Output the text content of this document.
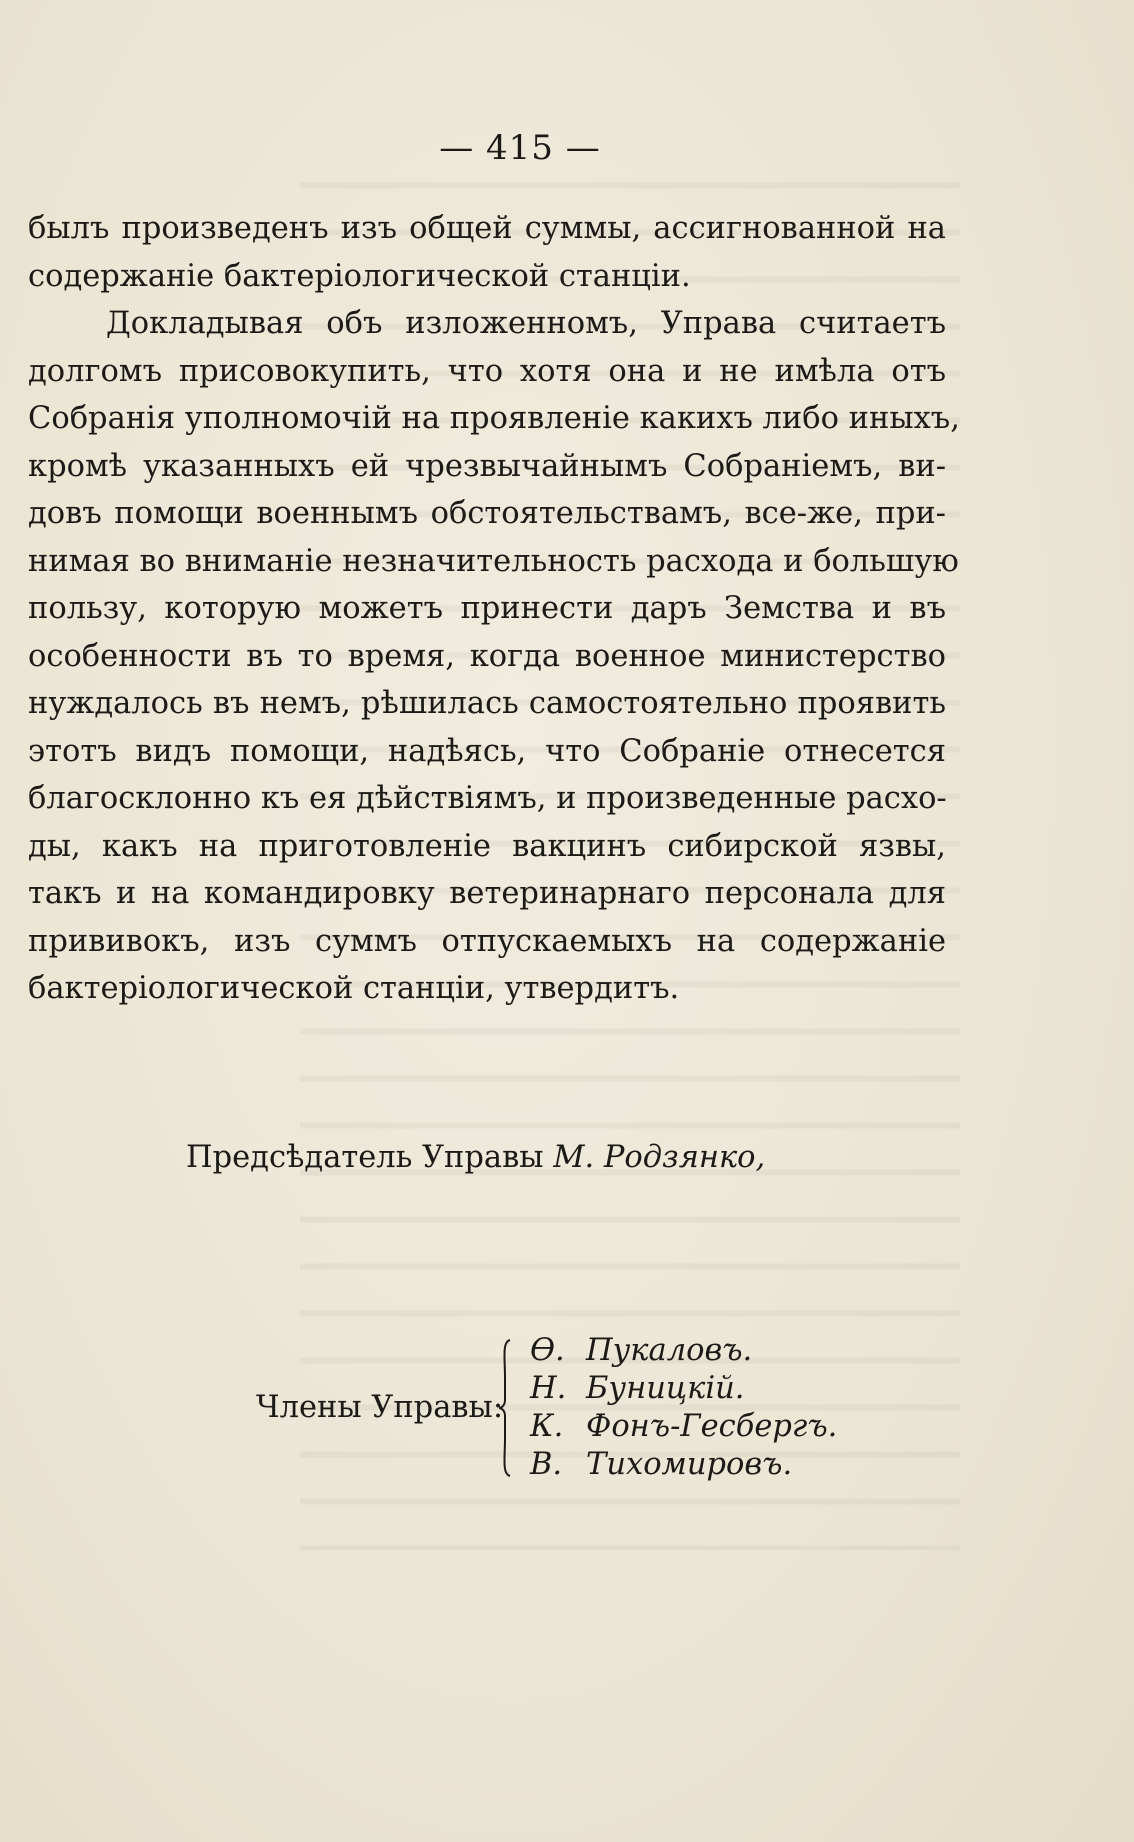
— 415 —
былъ произведенъ изъ общей суммы, ассигнованной на
содержаніе бактеріологической станціи.
Докладывая объ изложенномъ, Управа считаетъ
долгомъ присовокупить, что хотя она и не имѣла отъ
Собранія уполномочій на проявленіе какихъ либо иныхъ,
кромѣ указанныхъ ей чрезвычайнымъ Собраніемъ, ви-
довъ помощи военнымъ обстоятельствамъ, все-же, при-
нимая во вниманіе незначительность расхода и большую
пользу, которую можетъ принести даръ Земства и въ
особенности въ то время, когда военное министерство
нуждалось въ немъ, рѣшилась самостоятельно проявить
этотъ видъ помощи, надѣясь, что Собраніе отнесется
благосклонно къ ея дѣйствіямъ, и произведенные расхо-
ды, какъ на приготовленіе вакцинъ сибирской язвы,
такъ и на командировку ветеринарнаго персонала для
прививокъ, изъ суммъ отпускаемыхъ на содержаніе
бактеріологической станціи, утвердитъ.
Предсѣдатель Управы М. Родзянко,
Члены Управы:
Ѳ. Пукаловъ.
Н. Буницкій.
К. Фонъ-Гесбергъ.
В. Тихомировъ.
